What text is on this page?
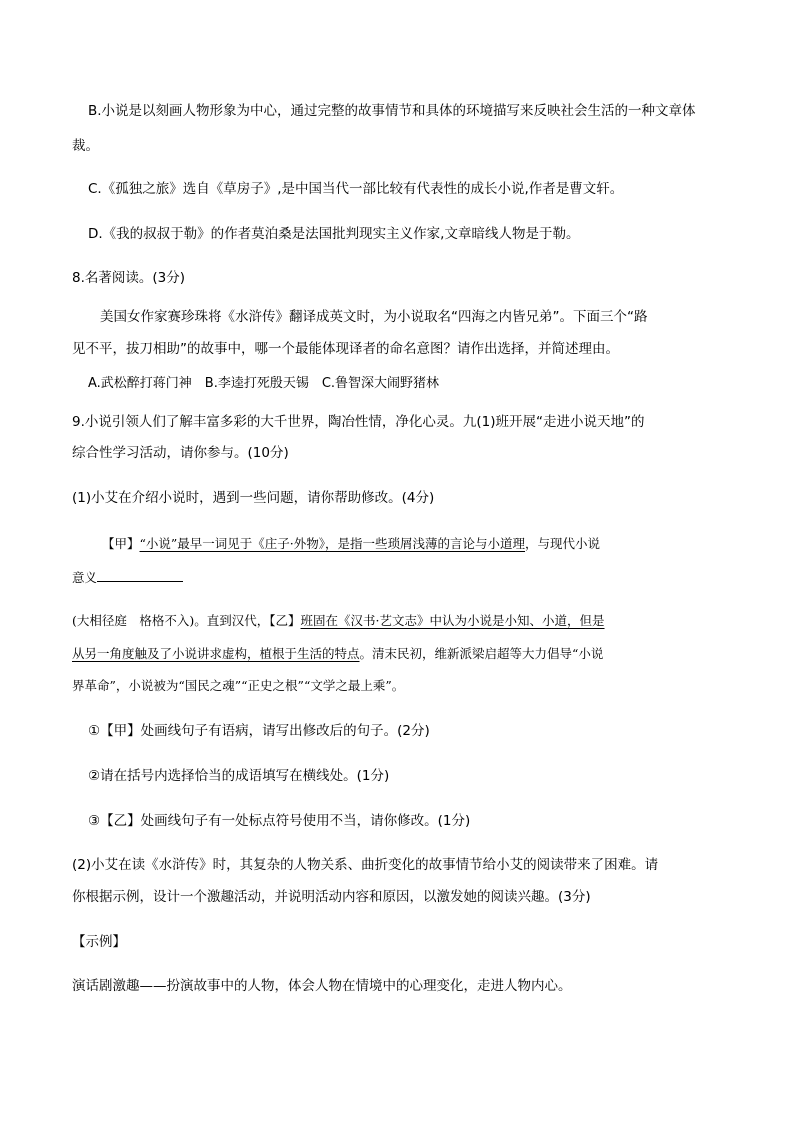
B.小说是以刻画人物形象为中心，通过完整的故事情节和具体的环境描写来反映社会生活的一种文章体
裁。
C.《孤独之旅》选自《草房子》,是中国当代一部比较有代表性的成长小说,作者是曹文轩。
D.《我的叔叔于勒》的作者莫泊桑是法国批判现实主义作家,文章暗线人物是于勒。
8.名著阅读。(3分)
美国女作家赛珍珠将《水浒传》翻译成英文时，为小说取名“四海之内皆兄弟”。下面三个“路
见不平，拔刀相助”的故事中，哪一个最能体现译者的命名意图？请作出选择，并简述理由。
A.武松醉打蒋门神　B.李逵打死殷天锡　C.鲁智深大闹野猪林
9.小说引领人们了解丰富多彩的大千世界，陶冶性情，净化心灵。九(1)班开展“走进小说天地”的
综合性学习活动，请你参与。(10分)
(1)小艾在介绍小说时，遇到一些问题，请你帮助修改。(4分)
【甲】“小说”最早一词见于《庄子·外物》，是指一些琐屑浅薄的言论与小道理，与现代小说
意义
(大相径庭　格格不入)。直到汉代，【乙】班固在《汉书·艺文志》中认为小说是小知、小道，但是
从另一角度触及了小说讲求虚构，植根于生活的特点。清末民初，维新派梁启超等大力倡导“小说
界革命”，小说被为“国民之魂”“正史之根”“文学之最上乘”。
①【甲】处画线句子有语病，请写出修改后的句子。(2分)
②请在括号内选择恰当的成语填写在横线处。(1分)
③【乙】处画线句子有一处标点符号使用不当，请你修改。(1分)
(2)小艾在读《水浒传》时，其复杂的人物关系、曲折变化的故事情节给小艾的阅读带来了困难。请
你根据示例，设计一个激趣活动，并说明活动内容和原因，以激发她的阅读兴趣。(3分)
【示例】
演话剧激趣——扮演故事中的人物，体会人物在情境中的心理变化，走进人物内心。
